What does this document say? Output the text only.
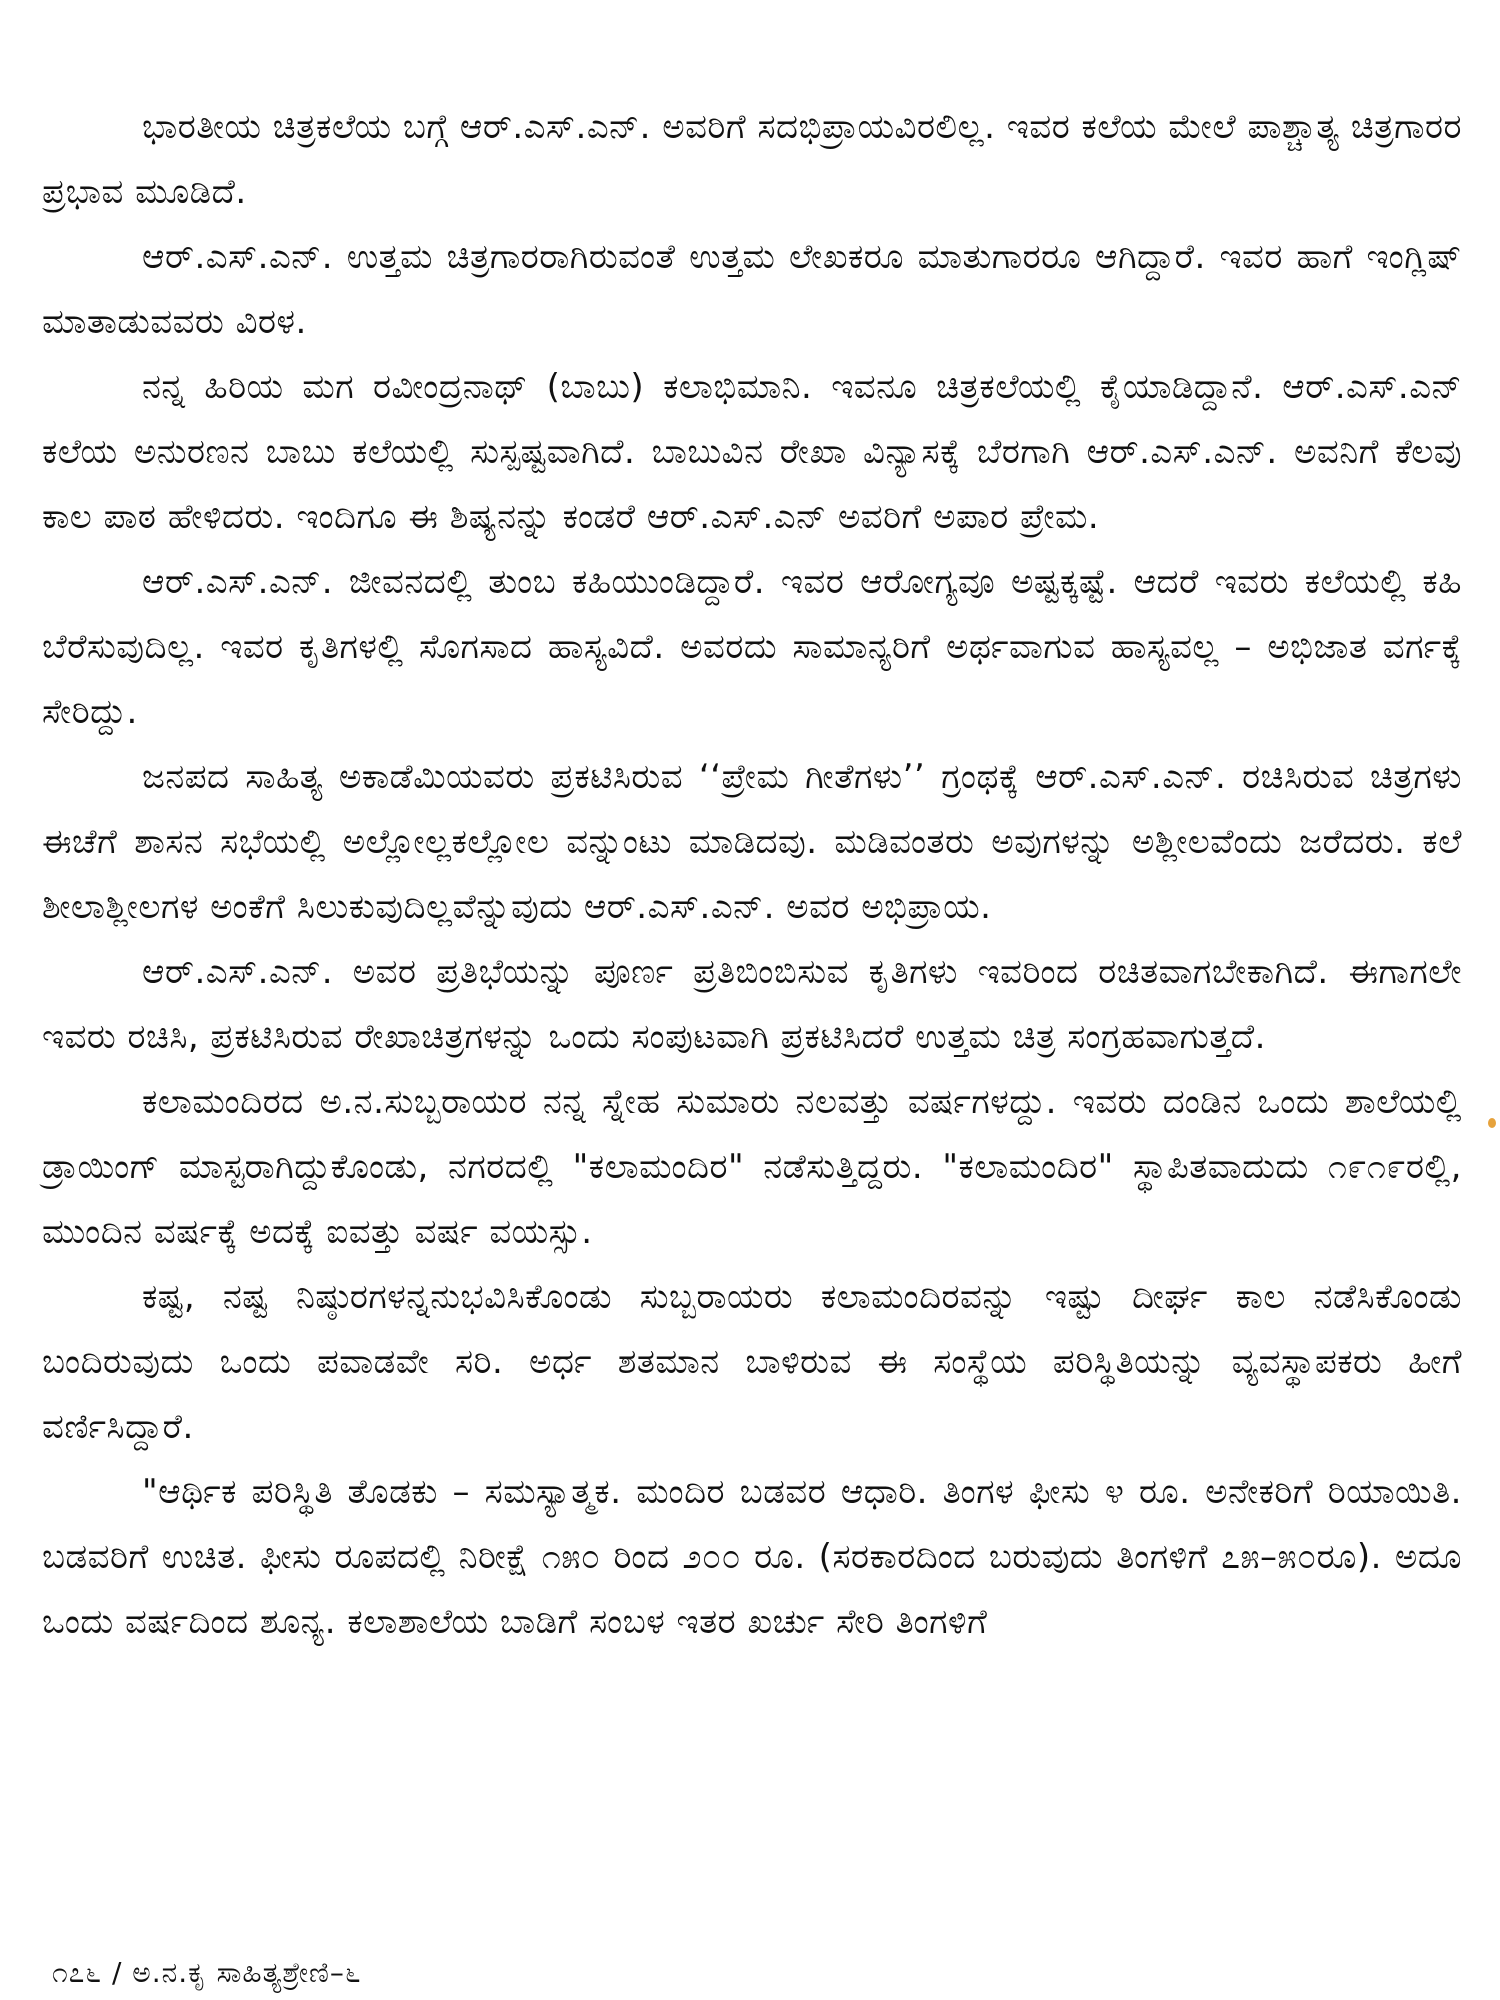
ಭಾರತೀಯ ಚಿತ್ರಕಲೆಯ ಬಗ್ಗೆ ಆರ್.ಎಸ್.ಎನ್. ಅವರಿಗೆ ಸದಭಿಪ್ರಾಯವಿರಲಿಲ್ಲ. ಇವರ ಕಲೆಯ ಮೇಲೆ ಪಾಶ್ಚಾತ್ಯ ಚಿತ್ರಗಾರರ ಪ್ರಭಾವ ಮೂಡಿದೆ.

ಆರ್.ಎಸ್.ಎನ್. ಉತ್ತಮ ಚಿತ್ರಗಾರರಾಗಿರುವಂತೆ ಉತ್ತಮ ಲೇಖಕರೂ ಮಾತುಗಾರರೂ ಆಗಿದ್ದಾರೆ. ಇವರ ಹಾಗೆ ಇಂಗ್ಲಿಷ್ ಮಾತಾಡುವವರು ವಿರಳ.

ನನ್ನ ಹಿರಿಯ ಮಗ ರವೀಂದ್ರನಾಥ್ (ಬಾಬು) ಕಲಾಭಿಮಾನಿ. ಇವನೂ ಚಿತ್ರಕಲೆಯಲ್ಲಿ ಕೈಯಾಡಿದ್ದಾನೆ. ಆರ್.ಎಸ್.ಎನ್ ಕಲೆಯ ಅನುರಣನ ಬಾಬು ಕಲೆಯಲ್ಲಿ ಸುಸ್ಪಷ್ಟವಾಗಿದೆ. ಬಾಬುವಿನ ರೇಖಾ ವಿನ್ಯಾಸಕ್ಕೆ ಬೆರಗಾಗಿ ಆರ್.ಎಸ್.ಎನ್. ಅವನಿಗೆ ಕೆಲವು ಕಾಲ ಪಾಠ ಹೇಳಿದರು. ಇಂದಿಗೂ ಈ ಶಿಷ್ಯನನ್ನು ಕಂಡರೆ ಆರ್.ಎಸ್.ಎನ್ ಅವರಿಗೆ ಅಪಾರ ಪ್ರೇಮ.

ಆರ್.ಎಸ್.ಎನ್. ಜೀವನದಲ್ಲಿ ತುಂಬ ಕಹಿಯುಂಡಿದ್ದಾರೆ. ಇವರ ಆರೋಗ್ಯವೂ ಅಷ್ಟಕ್ಕಷ್ಟೆ. ಆದರೆ ಇವರು ಕಲೆಯಲ್ಲಿ ಕಹಿ ಬೆರೆಸುವುದಿಲ್ಲ. ಇವರ ಕೃತಿಗಳಲ್ಲಿ ಸೊಗಸಾದ ಹಾಸ್ಯವಿದೆ. ಅವರದು ಸಾಮಾನ್ಯರಿಗೆ ಅರ್ಥವಾಗುವ ಹಾಸ್ಯವಲ್ಲ – ಅಭಿಜಾತ ವರ್ಗಕ್ಕೆ ಸೇರಿದ್ದು.

ಜನಪದ ಸಾಹಿತ್ಯ ಅಕಾಡೆಮಿಯವರು ಪ್ರಕಟಿಸಿರುವ ‘‘ಪ್ರೇಮ ಗೀತೆಗಳು’’ ಗ್ರಂಥಕ್ಕೆ ಆರ್.ಎಸ್.ಎನ್. ರಚಿಸಿರುವ ಚಿತ್ರಗಳು ಈಚೆಗೆ ಶಾಸನ ಸಭೆಯಲ್ಲಿ ಅಲ್ಲೋಲ್ಲಕಲ್ಲೋಲ ವನ್ನುಂಟು ಮಾಡಿದವು. ಮಡಿವಂತರು ಅವುಗಳನ್ನು ಅಶ್ಲೀಲವೆಂದು ಜರೆದರು. ಕಲೆ ಶೀಲಾಶ್ಲೀಲಗಳ ಅಂಕೆಗೆ ಸಿಲುಕುವುದಿಲ್ಲವೆನ್ನುವುದು ಆರ್.ಎಸ್.ಎನ್. ಅವರ ಅಭಿಪ್ರಾಯ.

ಆರ್.ಎಸ್.ಎನ್. ಅವರ ಪ್ರತಿಭೆಯನ್ನು ಪೂರ್ಣ ಪ್ರತಿಬಿಂಬಿಸುವ ಕೃತಿಗಳು ಇವರಿಂದ ರಚಿತವಾಗಬೇಕಾಗಿದೆ. ಈಗಾಗಲೇ ಇವರು ರಚಿಸಿ, ಪ್ರಕಟಿಸಿರುವ ರೇಖಾಚಿತ್ರಗಳನ್ನು ಒಂದು ಸಂಪುಟವಾಗಿ ಪ್ರಕಟಿಸಿದರೆ ಉತ್ತಮ ಚಿತ್ರ ಸಂಗ್ರಹವಾಗುತ್ತದೆ.

ಕಲಾಮಂದಿರದ ಅ.ನ.ಸುಬ್ಬರಾಯರ ನನ್ನ ಸ್ನೇಹ ಸುಮಾರು ನಲವತ್ತು ವರ್ಷಗಳದ್ದು. ಇವರು ದಂಡಿನ ಒಂದು ಶಾಲೆಯಲ್ಲಿ ಡ್ರಾಯಿಂಗ್ ಮಾಸ್ಟರಾಗಿದ್ದುಕೊಂಡು, ನಗರದಲ್ಲಿ "ಕಲಾಮಂದಿರ" ನಡೆಸುತ್ತಿದ್ದರು. "ಕಲಾಮಂದಿರ" ಸ್ಥಾಪಿತವಾದುದು ೧೯೧೯ರಲ್ಲಿ, ಮುಂದಿನ ವರ್ಷಕ್ಕೆ ಅದಕ್ಕೆ ಐವತ್ತು ವರ್ಷ ವಯಸ್ಸು.

ಕಷ್ಟ, ನಷ್ಟ ನಿಷ್ಠುರಗಳನ್ನನುಭವಿಸಿಕೊಂಡು ಸುಬ್ಬರಾಯರು ಕಲಾಮಂದಿರವನ್ನು ಇಷ್ಟು ದೀರ್ಘ ಕಾಲ ನಡೆಸಿಕೊಂಡು ಬಂದಿರುವುದು ಒಂದು ಪವಾಡವೇ ಸರಿ. ಅರ್ಧ ಶತಮಾನ ಬಾಳಿರುವ ಈ ಸಂಸ್ಥೆಯ ಪರಿಸ್ಥಿತಿಯನ್ನು ವ್ಯವಸ್ಥಾಪಕರು ಹೀಗೆ ವರ್ಣಿಸಿದ್ದಾರೆ.

"ಆರ್ಥಿಕ ಪರಿಸ್ಥಿತಿ ತೊಡಕು – ಸಮಸ್ಯಾತ್ಮಕ. ಮಂದಿರ ಬಡವರ ಆಧಾರಿ. ತಿಂಗಳ ಫೀಸು ೪ ರೂ. ಅನೇಕರಿಗೆ ರಿಯಾಯಿತಿ. ಬಡವರಿಗೆ ಉಚಿತ. ಫೀಸು ರೂಪದಲ್ಲಿ ನಿರೀಕ್ಷೆ ೧೫೦ ರಿಂದ ೨೦೦ ರೂ. (ಸರಕಾರದಿಂದ ಬರುವುದು ತಿಂಗಳಿಗೆ ೭೫–೫೦ರೂ). ಅದೂ ಒಂದು ವರ್ಷದಿಂದ ಶೂನ್ಯ. ಕಲಾಶಾಲೆಯ ಬಾಡಿಗೆ ಸಂಬಳ ಇತರ ಖರ್ಚು ಸೇರಿ ತಿಂಗಳಿಗೆ

೧೭೬ / ಅ.ನ.ಕೃ ಸಾಹಿತ್ಯಶ್ರೇಣಿ–೬
